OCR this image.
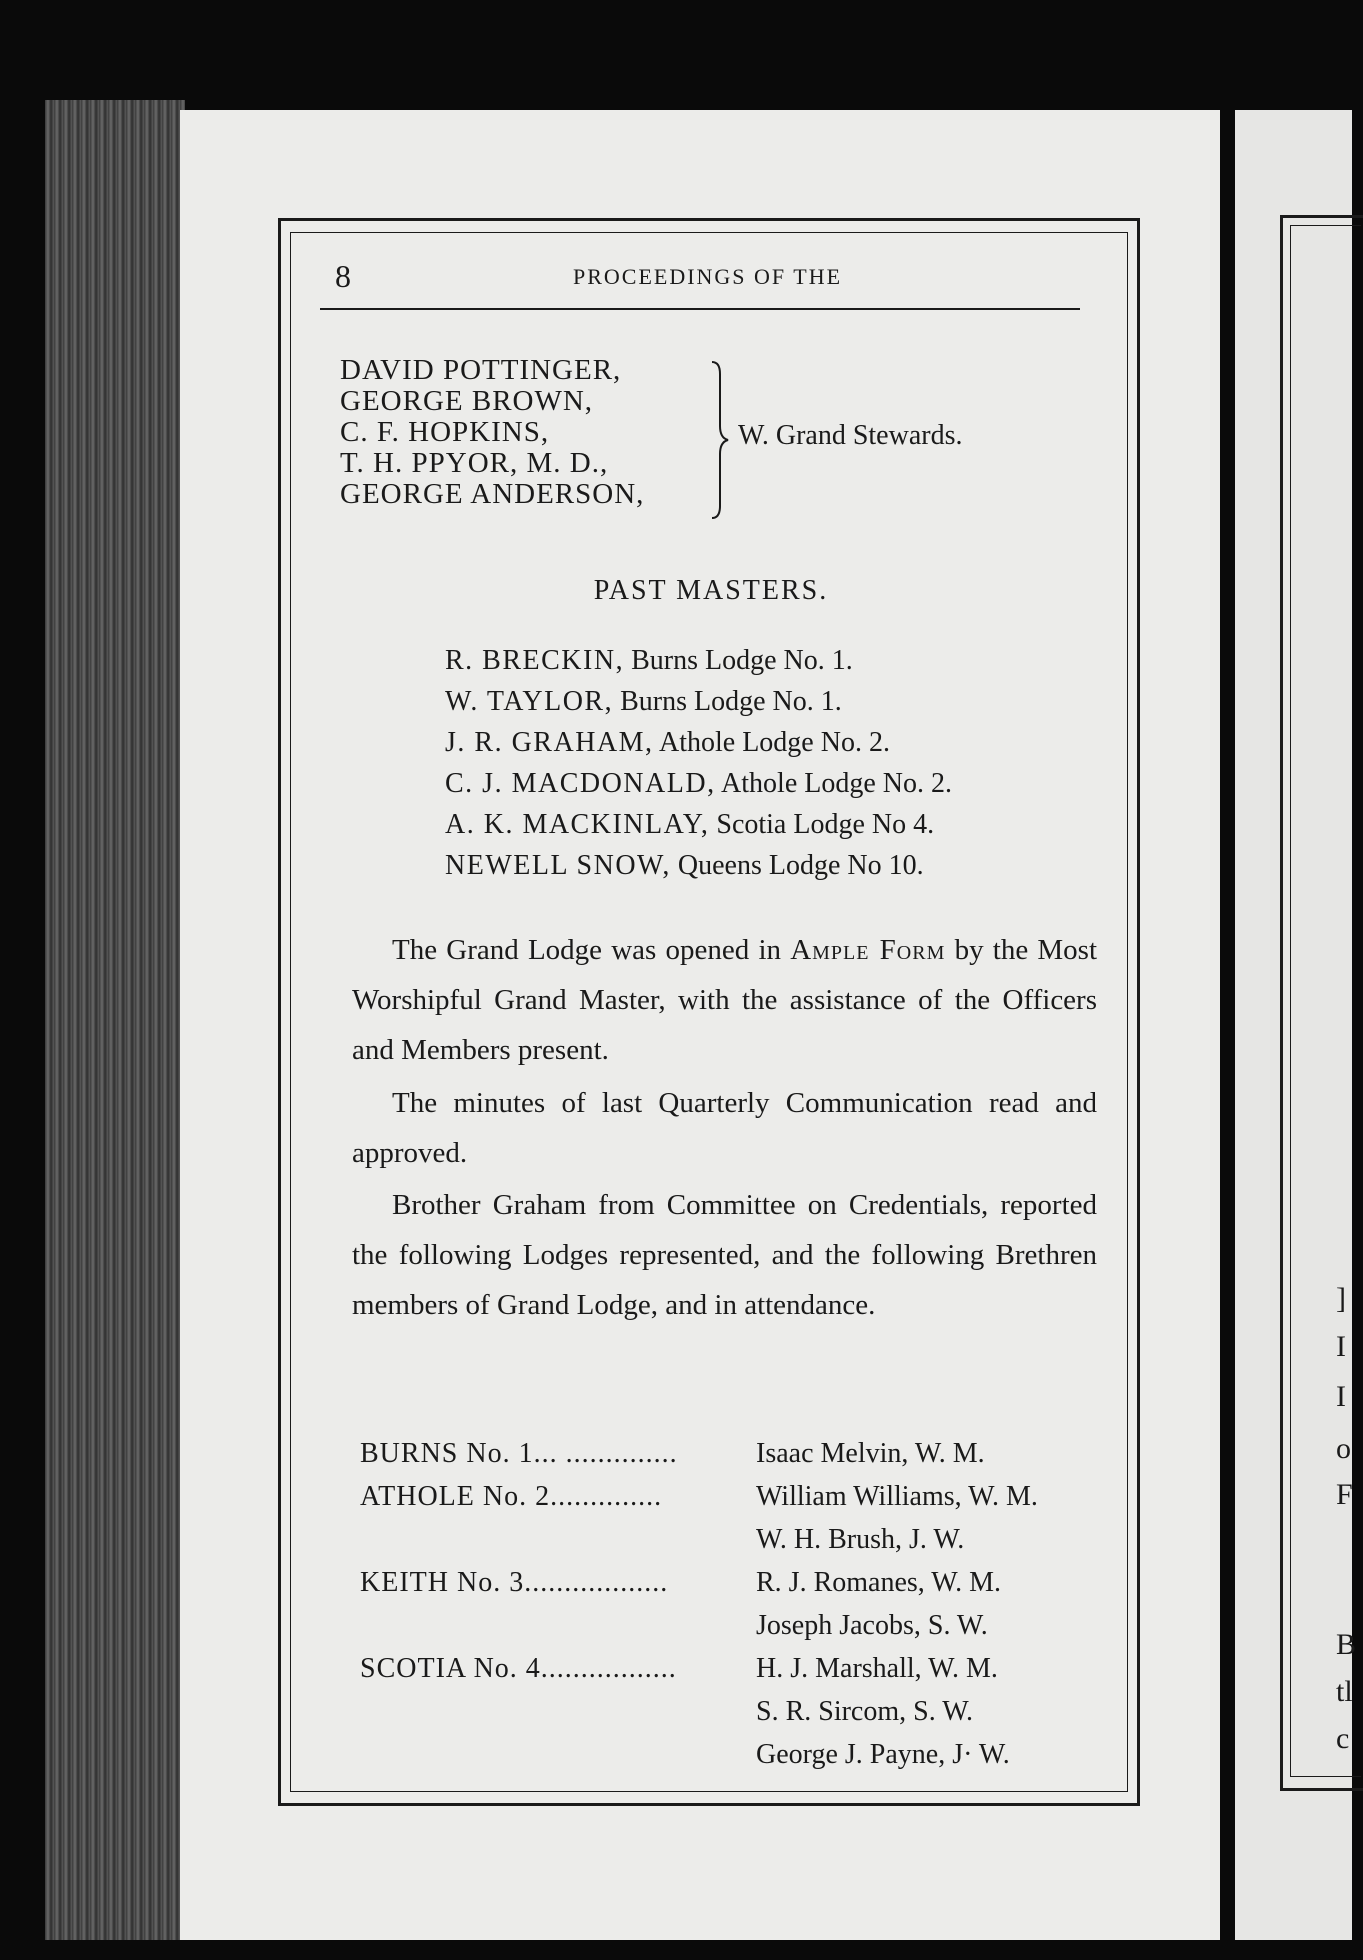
]
I
I
o
F
B
tl
c
8	PROCEEDINGS OF THE
DAVID POTTINGER,
GEORGE BROWN,
C. F. HOPKINS,
T. H. PPYOR, M. D.,
GEORGE ANDERSON,
W. Grand Stewards.
PAST MASTERS.
R. BRECKIN, Burns Lodge No. 1.
W. TAYLOR, Burns Lodge No. 1.
J. R. GRAHAM, Athole Lodge No. 2.
C. J. MACDONALD, Athole Lodge No. 2.
A. K. MACKINLAY, Scotia Lodge No 4.
NEWELL SNOW, Queens Lodge No 10.
The Grand Lodge was opened in Ample Form by the Most Worshipful Grand Master, with the assistance of the Officers and Members present.
The minutes of last Quarterly Communication read and approved.
Brother Graham from Committee on Credentials, reported the following Lodges represented, and the following Brethren members of Grand Lodge, and in attendance.
BURNS No. 1... ..............	Isaac Melvin, W. M.
ATHOLE No. 2..............	William Williams, W. M.
W. H. Brush, J. W.
KEITH No. 3..................	R. J. Romanes, W. M.
Joseph Jacobs, S. W.
SCOTIA No. 4.................	H. J. Marshall, W. M.
S. R. Sircom, S. W.
George J. Payne, J· W.
